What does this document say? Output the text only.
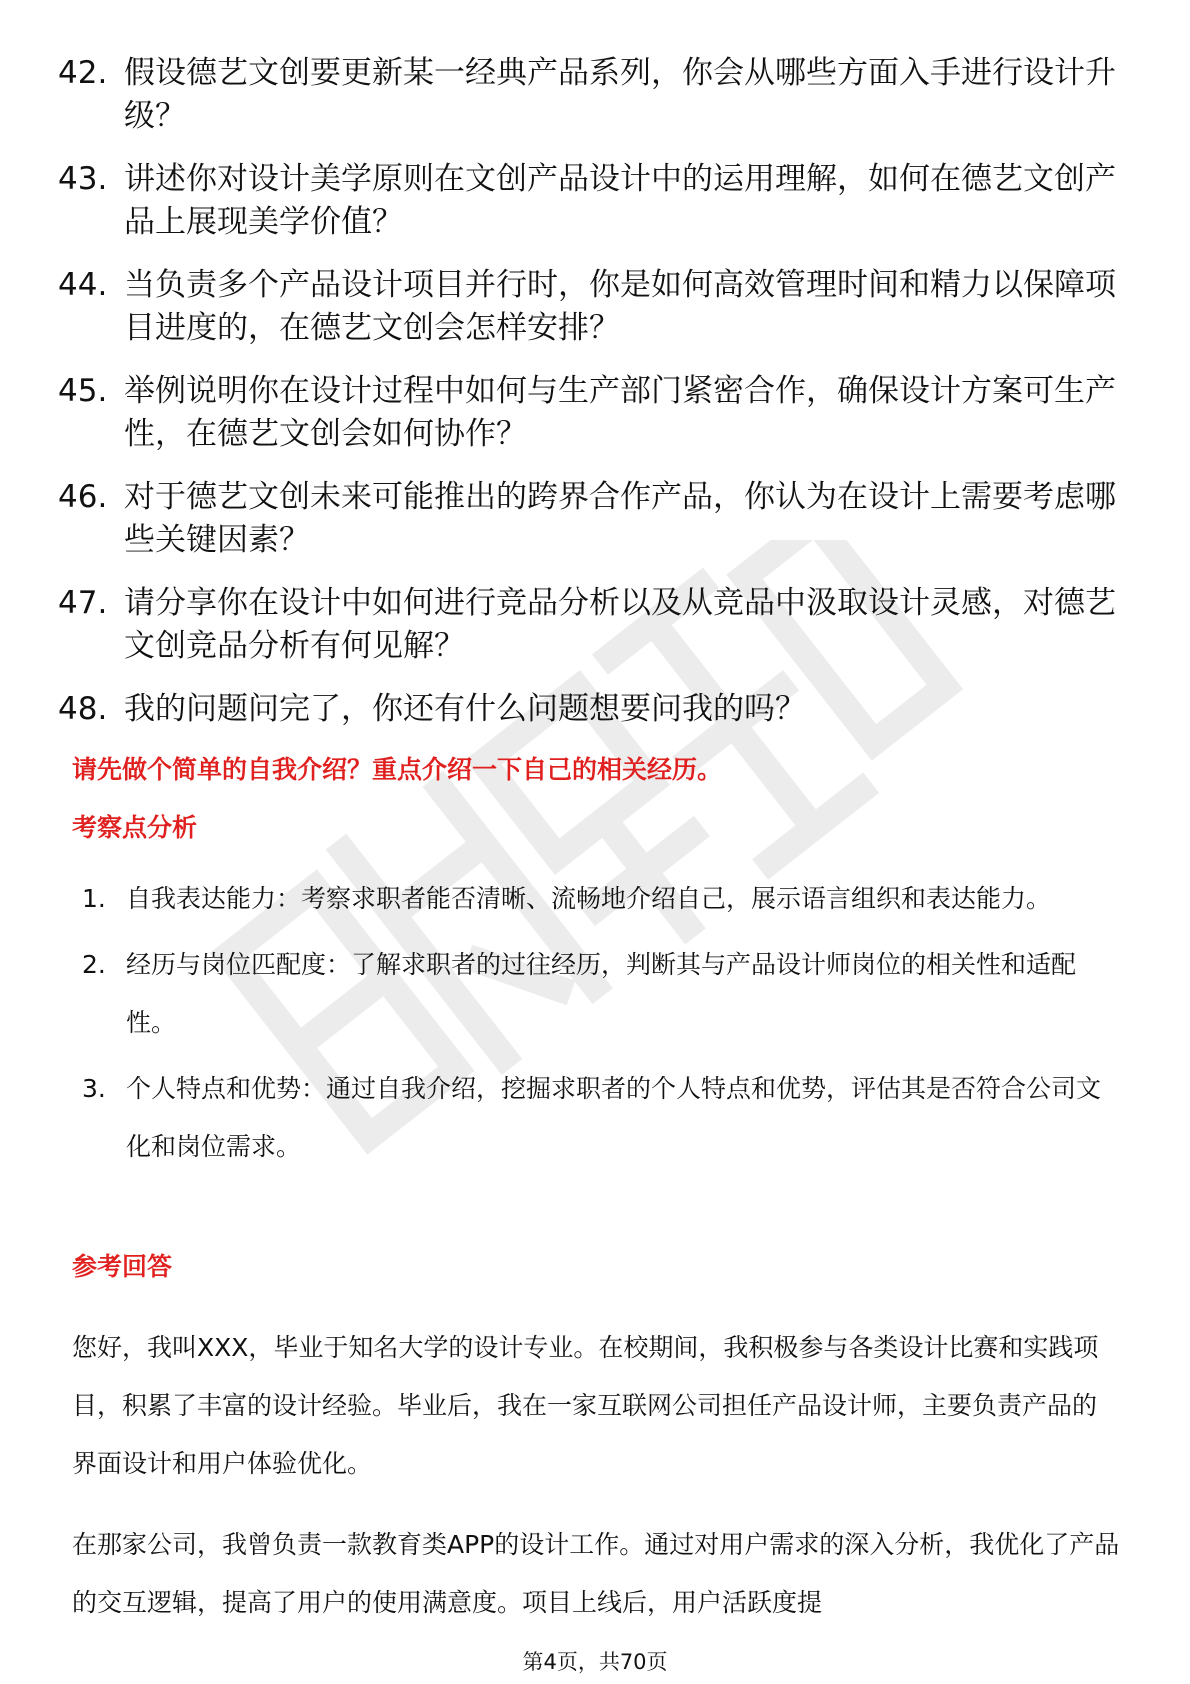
42. 假设德艺文创要更新某一经典产品系列，你会从哪些方面入手进行设计升级？
43. 讲述你对设计美学原则在文创产品设计中的运用理解，如何在德艺文创产品上展现美学价值？
44. 当负责多个产品设计项目并行时，你是如何高效管理时间和精力以保障项目进度的，在德艺文创会怎样安排？
45. 举例说明你在设计过程中如何与生产部门紧密合作，确保设计方案可生产性，在德艺文创会如何协作？
46. 对于德艺文创未来可能推出的跨界合作产品，你认为在设计上需要考虑哪些关键因素？
47. 请分享你在设计中如何进行竞品分析以及从竞品中汲取设计灵感，对德艺文创竞品分析有何见解？
48. 我的问题问完了，你还有什么问题想要问我的吗？
请先做个简单的自我介绍？重点介绍一下自己的相关经历。
考察点分析
1. 自我表达能力：考察求职者能否清晰、流畅地介绍自己，展示语言组织和表达能力。
2. 经历与岗位匹配度：了解求职者的过往经历，判断其与产品设计师岗位的相关性和适配性。
3. 个人特点和优势：通过自我介绍，挖掘求职者的个人特点和优势，评估其是否符合公司文化和岗位需求。
参考回答
您好，我叫XXX，毕业于知名大学的设计专业。在校期间，我积极参与各类设计比赛和实践项目，积累了丰富的设计经验。毕业后，我在一家互联网公司担任产品设计师，主要负责产品的界面设计和用户体验优化。
在那家公司，我曾负责一款教育类APP的设计工作。通过对用户需求的深入分析，我优化了产品的交互逻辑，提高了用户的使用满意度。项目上线后，用户活跃度提
第4页，共70页
